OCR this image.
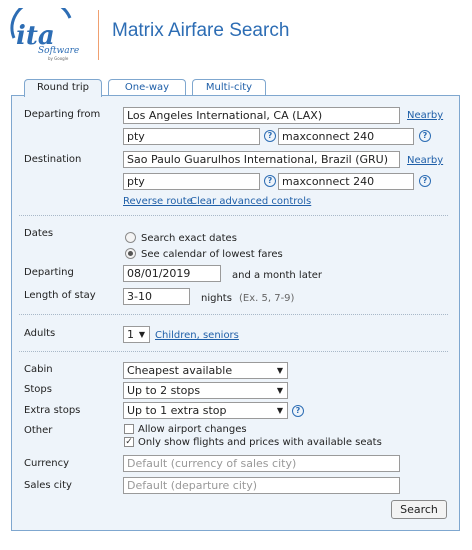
ita
Software
by Google
Matrix Airfare Search
Round trip	One-way	Multi-city
Departing from	Los Angeles International, CA (LAX)	Nearby
pty	? maxconnect 240	?
Destination	Sao Paulo Guarulhos International, Brazil (GRU)	Nearby
pty	? maxconnect 240	?
Reverse route
Clear advanced controls
Dates	Search exact dates
See calendar of lowest fares
Departing	08/01/2019	and a month later
Length of stay	3-10	nights (Ex. 5, 7-9)
Adults	1 ▼ Children, seniors
Cabin	Cheapest available	▼
Stops	Up to 2 stops	▼
Extra stops	Up to 1 extra stop	▼	?
Other	Allow airport changes
✓ Only show flights and prices with available seats
Currency	Default (currency of sales city)
Sales city	Default (departure city)
Search
